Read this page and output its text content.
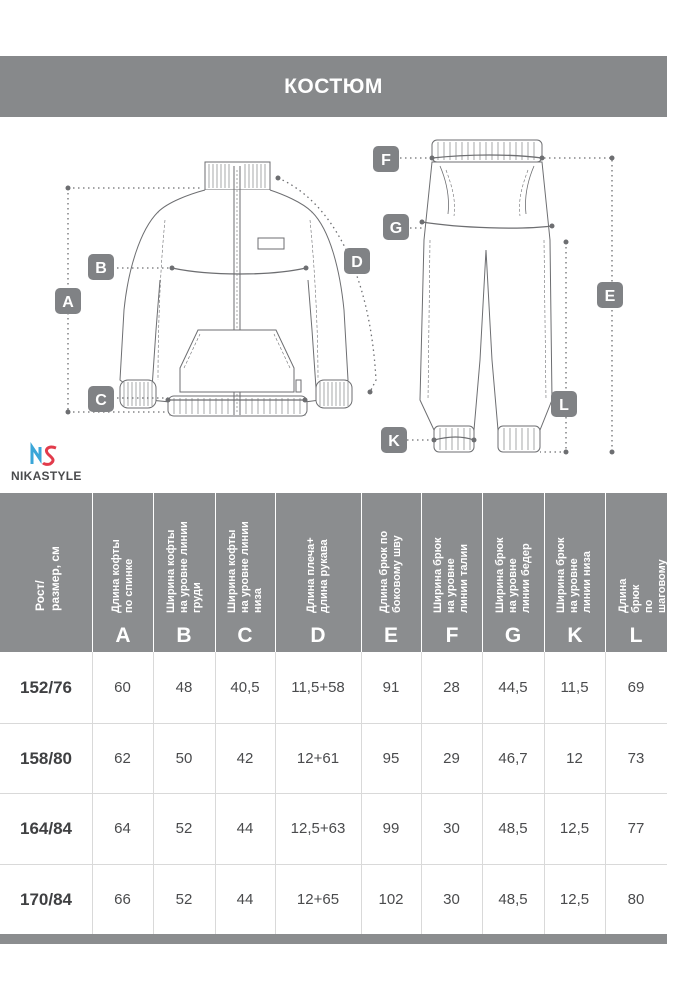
КОСТЮМ
A
B
C
D
F
G
E
L
K
NIKASTYLE
Рост/
размер, см
Длина кофты
по спинке
A
Ширина кофты
на уровне линии
груди
B
Ширина кофты
на уровне линии
низа
C
Длина плеча+
длина рукава
D
Длина брюк по
боковому шву
E
Ширина брюк
на уровне
линии талии
F
Ширина брюк
на уровне
линии бедер
G
Ширина брюк
на уровне
линии низа
K
Длина брюк
по шаговому
шву
L
152/76	60	48	40,5	11,5+58	91	28	44,5	11,5	69
158/80	62	50	42	12+61	95	29	46,7	12	73
164/84	64	52	44	12,5+63	99	30	48,5	12,5	77
170/84	66	52	44	12+65	102	30	48,5	12,5	80
